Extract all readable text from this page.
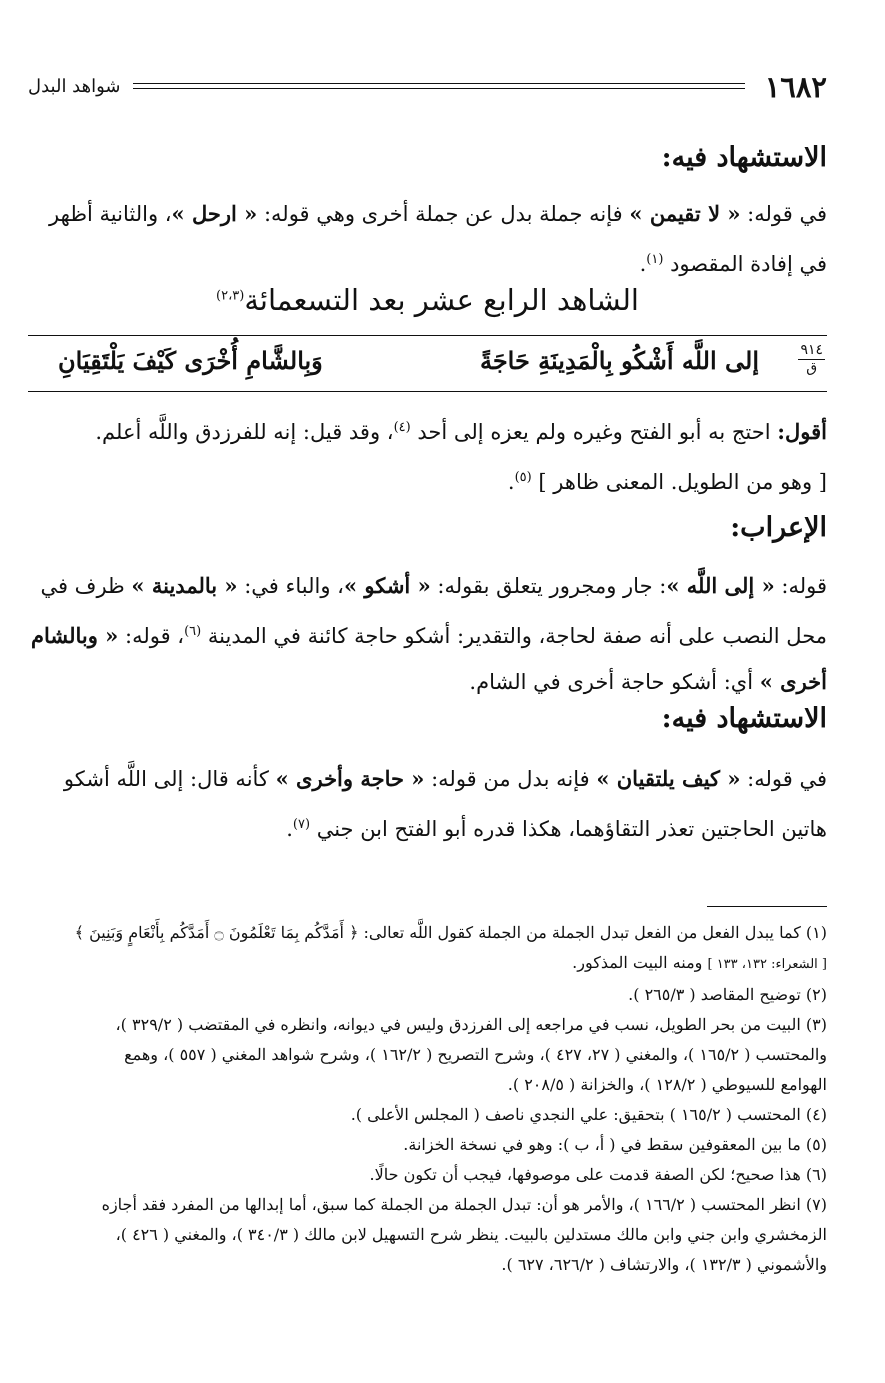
١٦٨٢
شواهد البدل
الاستشهاد فيه:
في قوله: « لا تقيمن » فإنه جملة بدل عن جملة أخرى وهي قوله: « ارحل »، والثانية أظهر
في إفادة المقصود $^{(١)}$.
الشاهد الرابع عشر بعد التسعمائة$^{(٢،٣)}$
٩١٤
ق
إلى اللَّه أَشْكُو بِالْمَدِينَةِ حَاجَةً
وَبِالشَّامِ أُخْرَى كَيْفَ يَلْتَقِيَانِ
أقول: احتج به أبو الفتح وغيره ولم يعزه إلى أحد $^{(٤)}$، وقد قيل: إنه للفرزدق واللَّه أعلم.
[ وهو من الطويل. المعنى ظاهر ] $^{(٥)}$.
الإعراب:
قوله: « إلى اللَّه »: جار ومجرور يتعلق بقوله: « أشكو »، والباء في: « بالمدينة » ظرف في
محل النصب على أنه صفة لحاجة، والتقدير: أشكو حاجة كائنة في المدينة $^{(٦)}$، قوله: « وبالشام
أخرى » أي: أشكو حاجة أخرى في الشام.
الاستشهاد فيه:
في قوله: « كيف يلتقيان » فإنه بدل من قوله: « حاجة وأخرى » كأنه قال: إلى اللَّه أشكو
هاتين الحاجتين تعذر التقاؤهما، هكذا قدره أبو الفتح ابن جني $^{(٧)}$.
(١) كما يبدل الفعل من الفعل تبدل الجملة من الجملة كقول اللَّه تعالى: ﴿ أَمَدَّكُم بِمَا تَعْلَمُونَ ۝ أَمَدَّكُم بِأَنْعَامٍ وَبَنِينَ ﴾
[ الشعراء: ١٣٢، ١٣٣ ] ومنه البيت المذكور.
(٢) توضيح المقاصد ( ٢٦٥/٣ ).
(٣) البيت من بحر الطويل، نسب في مراجعه إلى الفرزدق وليس في ديوانه، وانظره في المقتضب ( ٣٢٩/٢ )،
والمحتسب ( ١٦٥/٢ )، والمغني ( ٢٧، ٤٢٧ )، وشرح التصريح ( ١٦٢/٢ )، وشرح شواهد المغني ( ٥٥٧ )، وهمع
الهوامع للسيوطي ( ١٢٨/٢ )، والخزانة ( ٢٠٨/٥ ).
(٤) المحتسب ( ١٦٥/٢ ) بتحقيق: علي النجدي ناصف ( المجلس الأعلى ).
(٥) ما بين المعقوفين سقط في ( أ، ب ): وهو في نسخة الخزانة.
(٦) هذا صحيح؛ لكن الصفة قدمت على موصوفها، فيجب أن تكون حالًا.
(٧) انظر المحتسب ( ١٦٦/٢ )، والأمر هو أن: تبدل الجملة من الجملة كما سبق، أما إبدالها من المفرد فقد أجازه
الزمخشري وابن جني وابن مالك مستدلين بالبيت. ينظر شرح التسهيل لابن مالك ( ٣٤٠/٣ )، والمغني ( ٤٢٦ )،
والأشموني ( ١٣٢/٣ )، والارتشاف ( ٦٢٦/٢، ٦٢٧ ).
